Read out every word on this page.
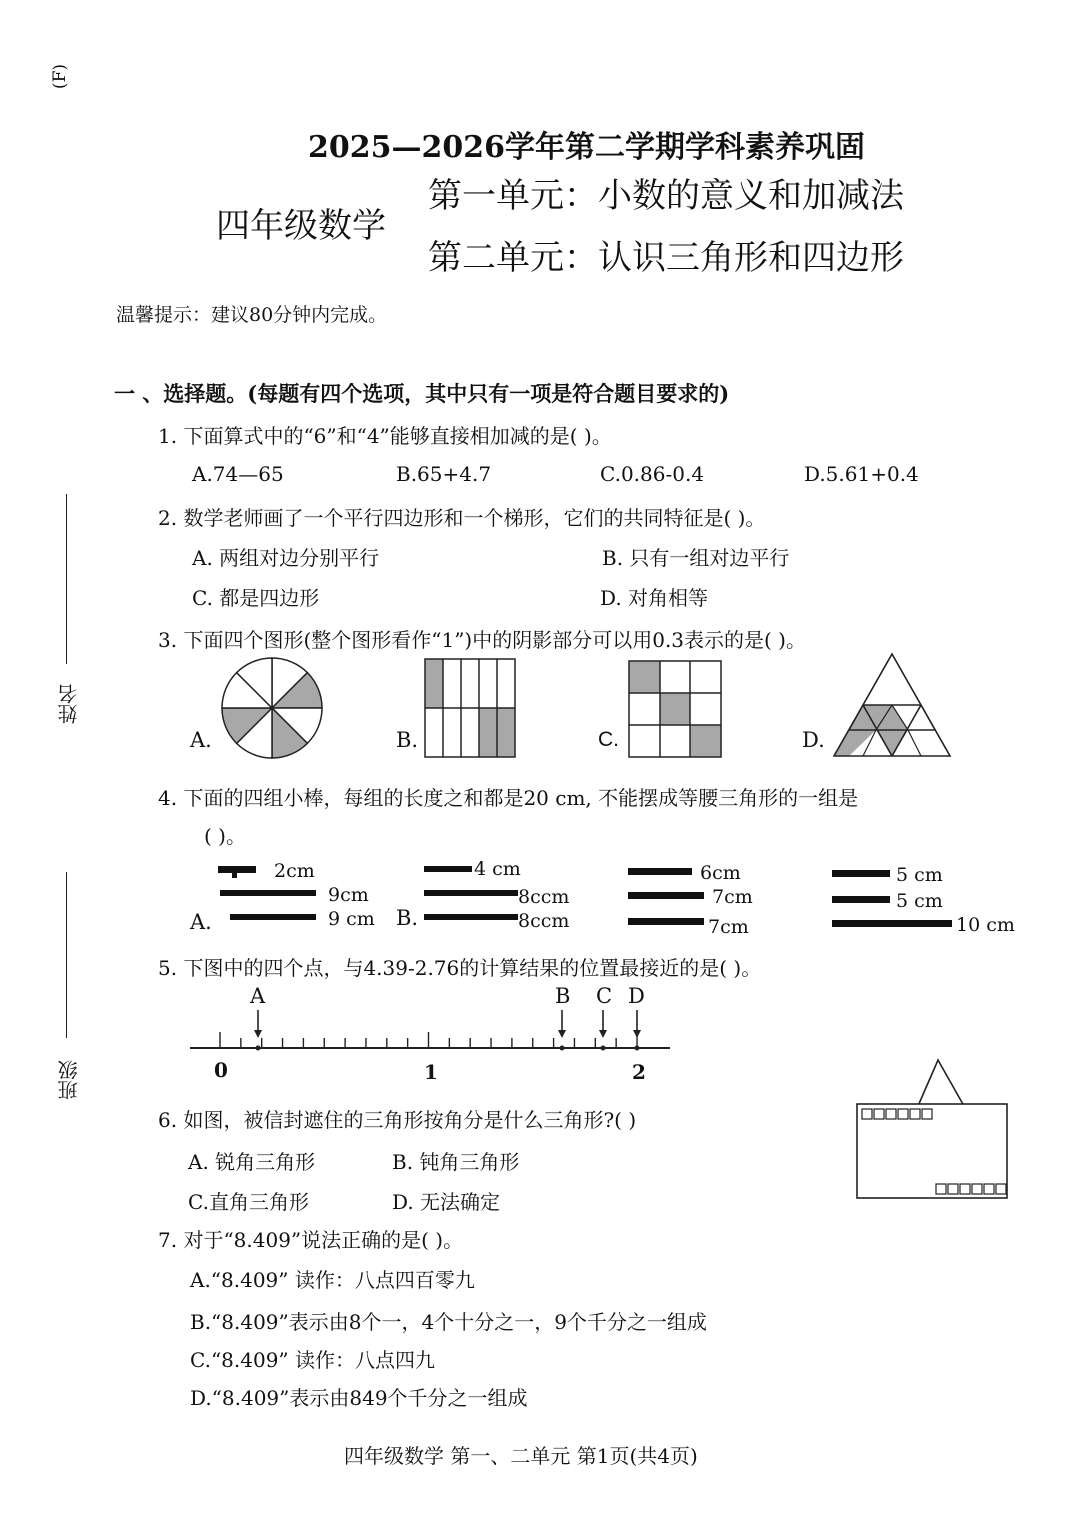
(F)
姓名
班级
2025—2026学年第二学期学科素养巩固
四年级数学
第一单元：小数的意义和加减法
第二单元：认识三角形和四边形
温馨提示：建议80分钟内完成。
一 、选择题。(每题有四个选项，其中只有一项是符合题目要求的)
1. 下面算式中的“6”和“4”能够直接相加减的是( )。
A.74—65	B.65+4.7	C.0.86-0.4	D.5.61+0.4
2. 数学老师画了一个平行四边形和一个梯形，它们的共同特征是( )。
A. 两组对边分别平行	B. 只有一组对边平行
C. 都是四边形	D. 对角相等
3. 下面四个图形(整个图形看作“1”)中的阴影部分可以用0.3表示的是( )。
A.	B.	C.	D.
4. 下面的四组小棒，每组的长度之和都是20 cm, 不能摆成等腰三角形的一组是
( )。
2cm
9cm
9 cm
A.
4 cm
8ccm
8ccm
B.
6cm
7cm
7cm
5 cm
5 cm
10 cm
5. 下图中的四个点，与4.39-2.76的计算结果的位置最接近的是( )。
A	B C D
0	1	2
6. 如图，被信封遮住的三角形按角分是什么三角形?( )
A. 锐角三角形	B. 钝角三角形
C.直角三角形	D. 无法确定
7. 对于“8.409”说法正确的是( )。
A.“8.409” 读作：八点四百零九
B.“8.409”表示由8个一，4个十分之一，9个千分之一组成
C.“8.409” 读作：八点四九
D.“8.409”表示由849个千分之一组成
四年级数学 第一、二单元 第1页(共4页)
